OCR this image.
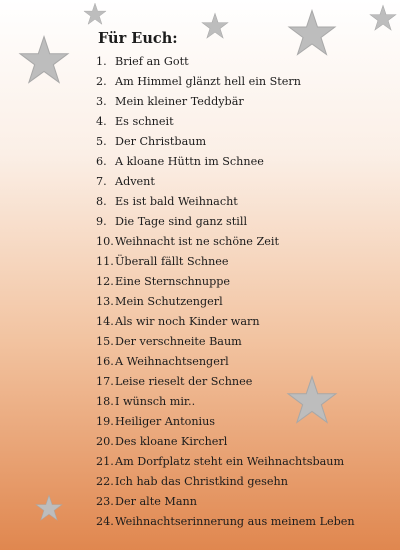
Für Euch:
1. Brief an Gott
2. Am Himmel glänzt hell ein Stern
3. Mein kleiner Teddybär
4. Es schneit
5. Der Christbaum
6. A kloane Hüttn im Schnee
7. Advent
8. Es ist bald Weihnacht
9. Die Tage sind ganz still
10.Weihnacht ist ne schöne Zeit
11.Überall fällt Schnee
12.Eine Sternschnuppe
13.Mein Schutzengerl
14.Als wir noch Kinder warn
15.Der verschneite Baum
16.A Weihnachtsengerl
17.Leise rieselt der Schnee
18.I wünsch mir..
19.Heiliger Antonius
20.Des kloane Kircherl
21.Am Dorfplatz steht ein Weihnachtsbaum
22.Ich hab das Christkind gesehn
23.Der alte Mann
24.Weihnachtserinnerung aus meinem Leben
